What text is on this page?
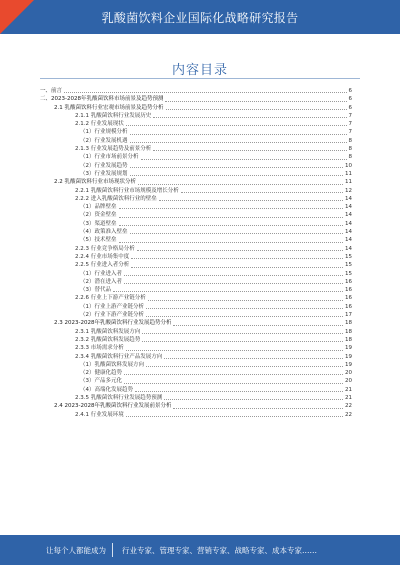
乳酸菌饮料企业国际化战略研究报告
内容目录
一、前言	6
二、2023-2028年乳酸菌饮料市场前景及趋势预测	6
2.1 乳酸菌饮料行业宏观市场前景及趋势分析	6
2.1.1 乳酸菌饮料行业发展历史	7
2.1.2 行业发展现状	7
（1）行业规模分析	7
（2）行业发展机遇	8
2.1.3 行业发展趋势及前景分析	8
（1）行业市场前景分析	8
（2）行业发展趋势	10
（3）行业发展规划	11
2.2 乳酸菌饮料行业市场现状分析	11
2.2.1 乳酸菌饮料行业市场规模及增长分析	12
2.2.2 进入乳酸菌饮料行业的壁垒	14
（1）品牌壁垒	14
（2）资金壁垒	14
（3）渠道壁垒	14
（4）政策准入壁垒	14
（5）技术壁垒	14
2.2.3 行业竞争格局分析	14
2.2.4 行业市场集中度	15
2.2.5 行业进入者分析	15
（1）行业进入者	15
（2）潜在进入者	16
（3）替代品	16
2.2.6 行业上下游产业链分析	16
（1）行业上游产业链分析	16
（2）行业下游产业链分析	17
2.3 2023-2028年乳酸菌饮料行业发展趋势分析	18
2.3.1 乳酸菌饮料发展方向	18
2.3.2 乳酸菌饮料发展趋势	18
2.3.3 市场需求分析	19
2.3.4 乳酸菌饮料行业产品发展方向	19
（1）乳酸菌饮料发展方向	19
（2）健康化趋势	20
（3）产品多元化	20
（4）高端化发展趋势	21
2.3.5 乳酸菌饮料行业发展趋势预测	21
2.4 2023-2028年乳酸菌饮料行业发展前景分析	22
2.4.1 行业发展环境	22
让每个人都能成为 行业专家、管理专家、营销专家、战略专家、成本专家……
